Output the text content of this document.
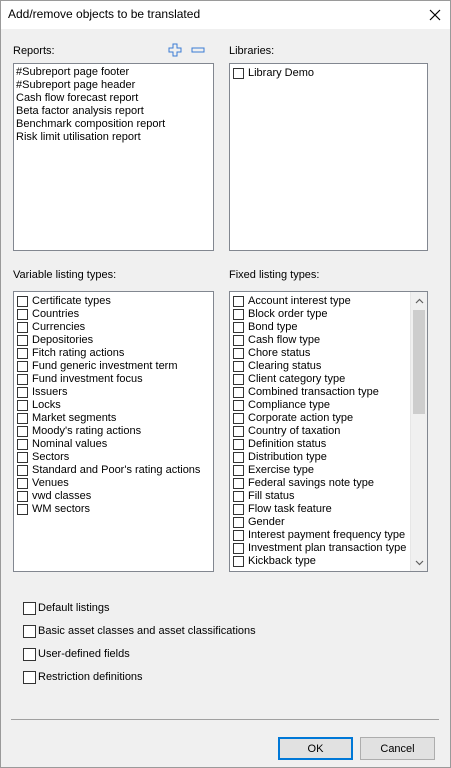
Add/remove objects to be translated
Reports:
#Subreport page footer
#Subreport page header
Cash flow forecast report
Beta factor analysis report
Benchmark composition report
Risk limit utilisation report
Libraries:
Library Demo
Variable listing types:
Certificate types
Countries
Currencies
Depositories
Fitch rating actions
Fund generic investment term
Fund investment focus
Issuers
Locks
Market segments
Moody's rating actions
Nominal values
Sectors
Standard and Poor's rating actions
Venues
vwd classes
WM sectors
Fixed listing types:
Account interest type
Block order type
Bond type
Cash flow type
Chore status
Clearing status
Client category type
Combined transaction type
Compliance type
Corporate action type
Country of taxation
Definition status
Distribution type
Exercise type
Federal savings note type
Fill status
Flow task feature
Gender
Interest payment frequency type
Investment plan transaction type
Kickback type
Default listings
Basic asset classes and asset classifications
User-defined fields
Restriction definitions
OK	Cancel
